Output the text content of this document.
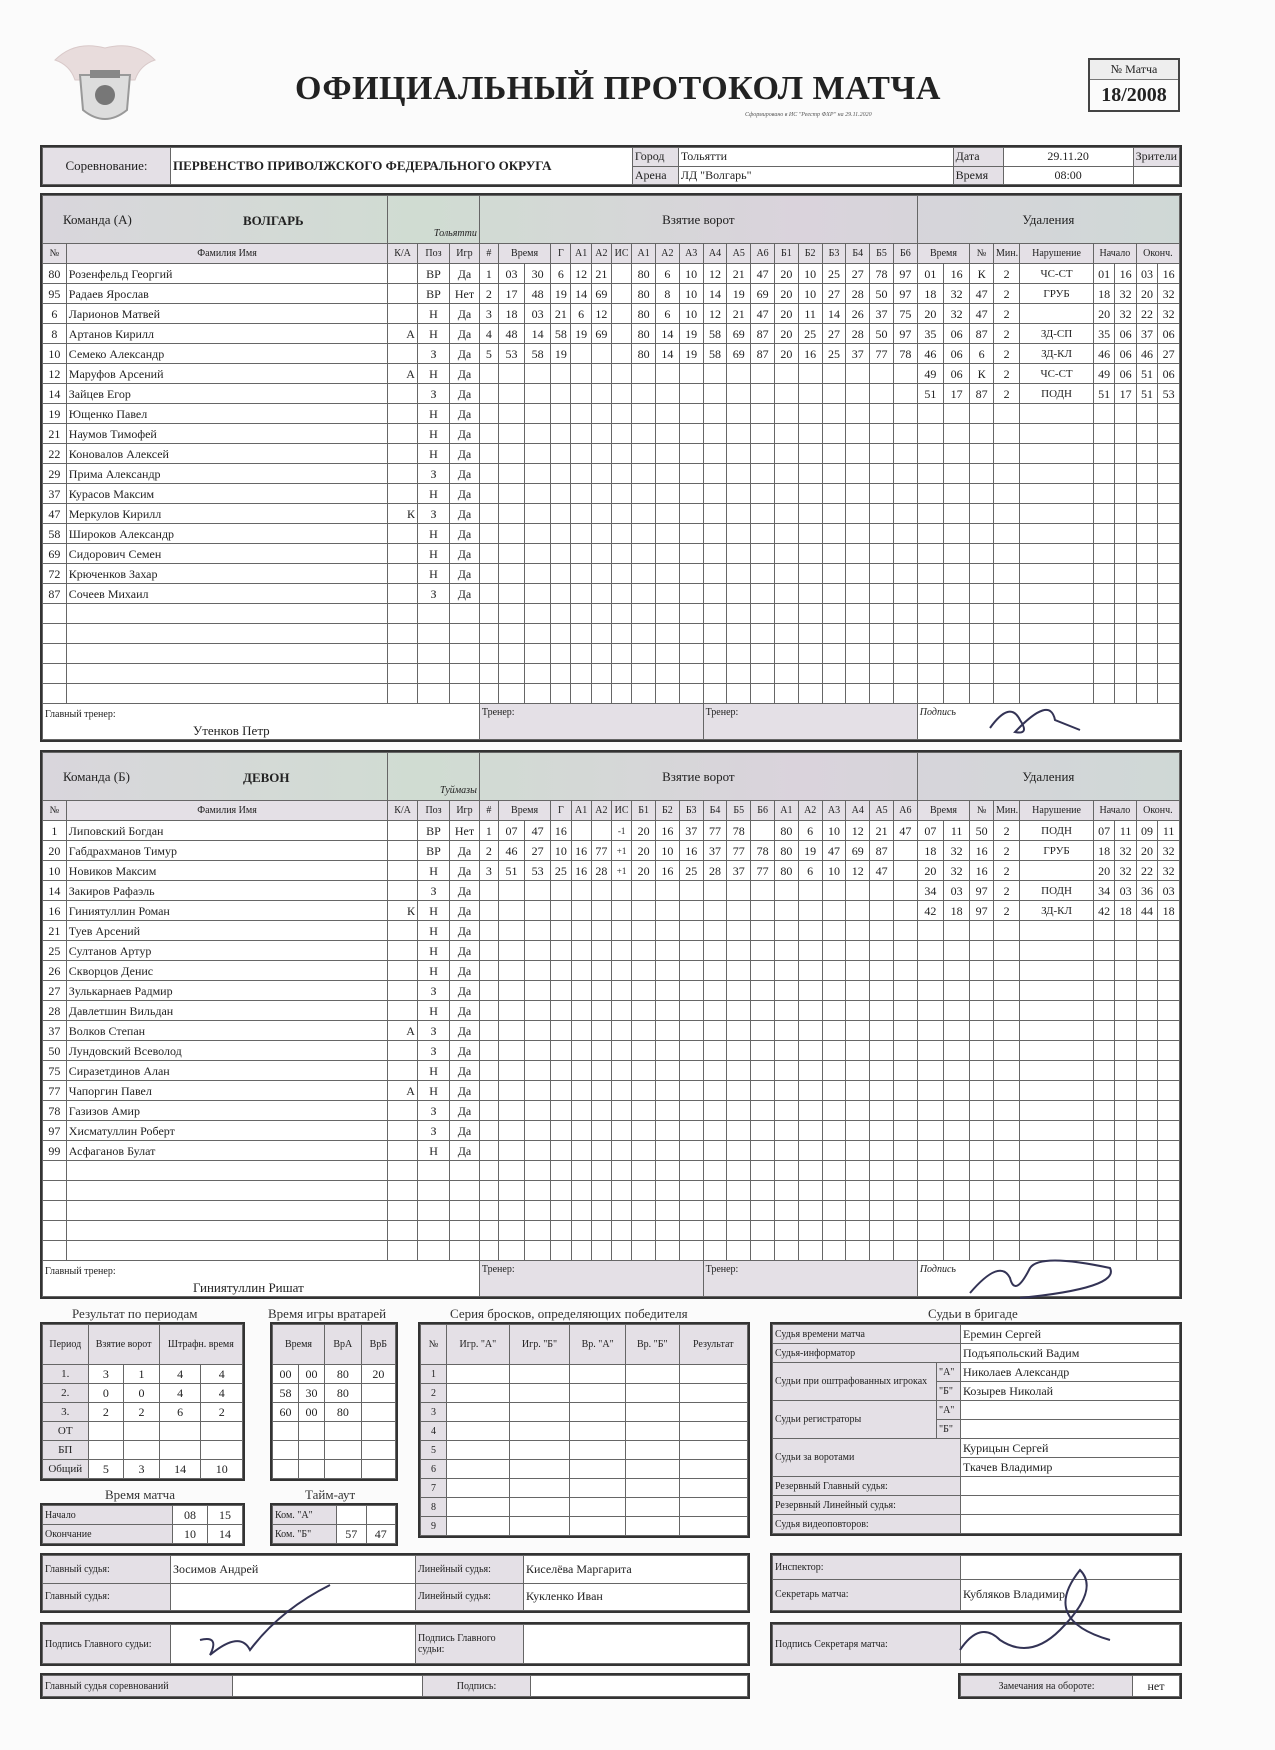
ОФИЦИАЛЬНЫЙ ПРОТОКОЛ МАТЧА
Сформировано в ИС "Реестр ФХР" на 29.11.2020
№ Матча
18/2008
Соревнование:	ПЕРВЕНСТВО ПРИВОЛЖСКОГО ФЕДЕРАЛЬНОГО ОКРУГА	Город	Тольятти	Дата	29.11.20	Зрители
		Арена	ЛД "Волгарь"	Время	08:00	
Команда (А) ВОЛГАРЬ		Тольятти			Взятие ворот																			Удаления								
№	Фамилия Имя	К/А	Поз	Игр	#	Время		Г	А1	А2	ИС	А1	А2	А3	А4	А5	А6	Б1	Б2	Б3	Б4	Б5	Б6	Время		№	Мин.	Нарушение	Начало		Оконч.	
80	Розенфельд Георгий		ВР	Да	1	03	30	6	12	21		80	6	10	12	21	47	20	10	25	27	78	97	01	16	К	2	ЧС-СТ	01	16	03	16
95	Радаев Ярослав		ВР	Нет	2	17	48	19	14	69		80	8	10	14	19	69	20	10	27	28	50	97	18	32	47	2	ГРУБ	18	32	20	32
6	Ларионов Матвей		Н	Да	3	18	03	21	6	12		80	6	10	12	21	47	20	11	14	26	37	75	20	32	47	2		20	32	22	32
8	Артанов Кирилл	А	Н	Да	4	48	14	58	19	69		80	14	19	58	69	87	20	25	27	28	50	97	35	06	87	2	ЗД-СП	35	06	37	06
10	Семеко Александр		З	Да	5	53	58	19				80	14	19	58	69	87	20	16	25	37	77	78	46	06	6	2	ЗД-КЛ	46	06	46	27
12	Маруфов Арсений	А	Н	Да																				49	06	К	2	ЧС-СТ	49	06	51	06
14	Зайцев Егор		З	Да																				51	17	87	2	ПОДН	51	17	51	53
19	Ющенко Павел		Н	Да																												
21	Наумов Тимофей		Н	Да																												
22	Коновалов Алексей		Н	Да																												
29	Прима Александр		З	Да																												
37	Курасов Максим		Н	Да																												
47	Меркулов Кирилл	К	З	Да																												
58	Широков Александр		Н	Да																												
69	Сидорович Семен		Н	Да																												
72	Крюченков Захар		Н	Да																												
87	Сочеев Михаил		З	Да																												

Главный тренер:
Утенков Петр					Тренер:										Тренер:									Подпись								
Команда (Б) ДЕВОН		Туймазы			Взятие ворот																			Удаления								
№	Фамилия Имя	К/А	Поз	Игр	#	Время		Г	А1	А2	ИС	Б1	Б2	Б3	Б4	Б5	Б6	А1	А2	А3	А4	А5	А6	Время		№	Мин.	Нарушение	Начало		Оконч.	
1	Липовский Богдан		ВР	Нет	1	07	47	16			-1	20	16	37	77	78		80	6	10	12	21	47	07	11	50	2	ПОДН	07	11	09	11
20	Габдрахманов Тимур		ВР	Да	2	46	27	10	16	77	+1	20	10	16	37	77	78	80	19	47	69	87		18	32	16	2	ГРУБ	18	32	20	32
10	Новиков Максим		Н	Да	3	51	53	25	16	28	+1	20	16	25	28	37	77	80	6	10	12	47		20	32	16	2		20	32	22	32
14	Закиров Рафаэль		З	Да																				34	03	97	2	ПОДН	34	03	36	03
16	Гиниятуллин Роман	К	Н	Да																				42	18	97	2	ЗД-КЛ	42	18	44	18
21	Туев Арсений		Н	Да																												
25	Султанов Артур		Н	Да																												
26	Скворцов Денис		Н	Да																												
27	Зулькарнаев Радмир		З	Да																												
28	Давлетшин Вильдан		Н	Да																												
37	Волков Степан	А	З	Да																												
50	Лундовский Всеволод		З	Да																												
75	Сиразетдинов Алан		Н	Да																												
77	Чапоргин Павел	А	Н	Да																												
78	Газизов Амир		З	Да																												
97	Хисматуллин Роберт		З	Да																												
99	Асфаганов Булат		Н	Да																												

Главный тренер:
Гиниятуллин Ришат					Тренер:										Тренер:									Подпись								
Результат по периодам
Период	Взятие ворот		Штрафн. время	
1.	3	1	4	4
2.	0	0	4	4
3.	2	2	6	2
ОТ				
БП				
Общий	5	3	14	10
Время матча
Начало	08	15
Окончание	10	14
Время игры вратарей
Время		ВрА	ВрБ
00	00	80	20
58	30	80	
60	00	80	

Тайм-аут
Ком. "А"		
Ком. "Б"	57	47
Серия бросков, определяющих победителя
№	Игр. "А"	Игр. "Б"	Вр. "А"	Вр. "Б"	Результат
1					
2					
3					
4					
5					
6					
7					
8					
9					
Судьи в бригаде
Судья времени матча		Еремин Сергей
Судья-информатор		Подъяпольский Вадим
Судьи при оштрафованных игроках	"А"	Николаев Александр
	"Б"	Козырев Николай
Судьи регистраторы	"А"	
	"Б"	
Судьи за воротами		Курицын Сергей
		Ткачев Владимир
Резервный Главный судья:		
Резервный Линейный судья:		
Судья видеоповторов:		
Главный судья:	Зосимов Андрей	Линейный судья:	Киселёва Маргарита
Главный судья:		Линейный судья:	Кукленко Иван
Инспектор:	
Секретарь матча:	Кубляков Владимир
Подпись Главного судьи:		Подпись Главного судьи:		Подпись Секретаря матча:	
Главный судья соревнований		Подпись:		Замечания на обороте:	нет
